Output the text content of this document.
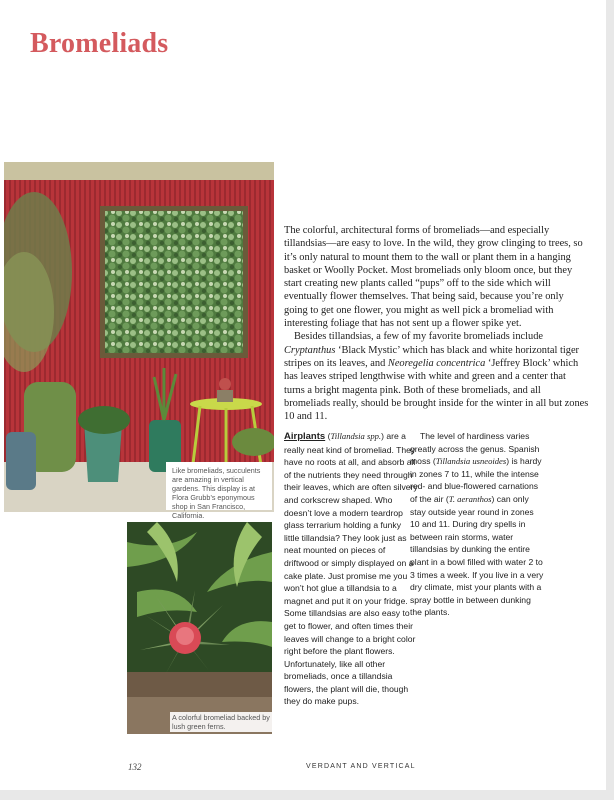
Bromeliads
Like bromeliads, succulents are amazing in vertical gardens. This display is at Flora Grubb’s eponymous shop in San Francisco, California.
A colorful bromeliad backed by lush green ferns.

The colorful, architectural forms of bromeliads—and especially tillandsias—are easy to love. In the wild, they grow clinging to trees, so it’s only natural to mount them to the wall or plant them in a hanging basket or Woolly Pocket. Most bromeliads only bloom once, but they start creating new plants called “pups” off to the side which will eventually flower themselves. That being said, because you’re only going to get one flower, you might as well pick a bromeliad with interesting foliage that has not sent up a flower spike yet.

Besides tillandsias, a few of my favorite bromeliads include Cryptanthus ‘Black Mystic’ which has black and white horizontal tiger stripes on its leaves, and Neoregelia concentrica ‘Jeffrey Block’ which has leaves striped lengthwise with white and green and a center that turns a bright magenta pink. Both of these bromeliads, and all bromeliads really, should be brought inside for the winter in all but zones 10 and 11.

Airplants (Tillandsia spp.) are a really neat kind of bromeliad. They have no roots at all, and absorb all of the nutrients they need through their leaves, which are often silvery and corkscrew shaped. Who doesn’t love a modern teardrop glass terrarium holding a funky little tillandsia? They look just as neat mounted on pieces of driftwood or simply displayed on a cake plate. Just promise me you won’t hot glue a tillandsia to a magnet and put it on your fridge. Some tillandsias are also easy to get to flower, and often times their leaves will change to a bright color right before the plant flowers. Unfortunately, like all other bromeliads, once a tillandsia flowers, the plant will die, though they do make pups.

The level of hardiness varies greatly across the genus. Spanish moss (Tillandsia usneoides) is hardy in zones 7 to 11, while the intense red- and blue-flowered carnations of the air (T. aeranthos) can only stay outside year round in zones 10 and 11. During dry spells in between rain storms, water tillandsias by dunking the entire plant in a bowl filled with water 2 to 3 times a week. If you live in a very dry climate, mist your plants with a spray bottle in between dunking the plants.

132	VERDANT AND VERTICAL
